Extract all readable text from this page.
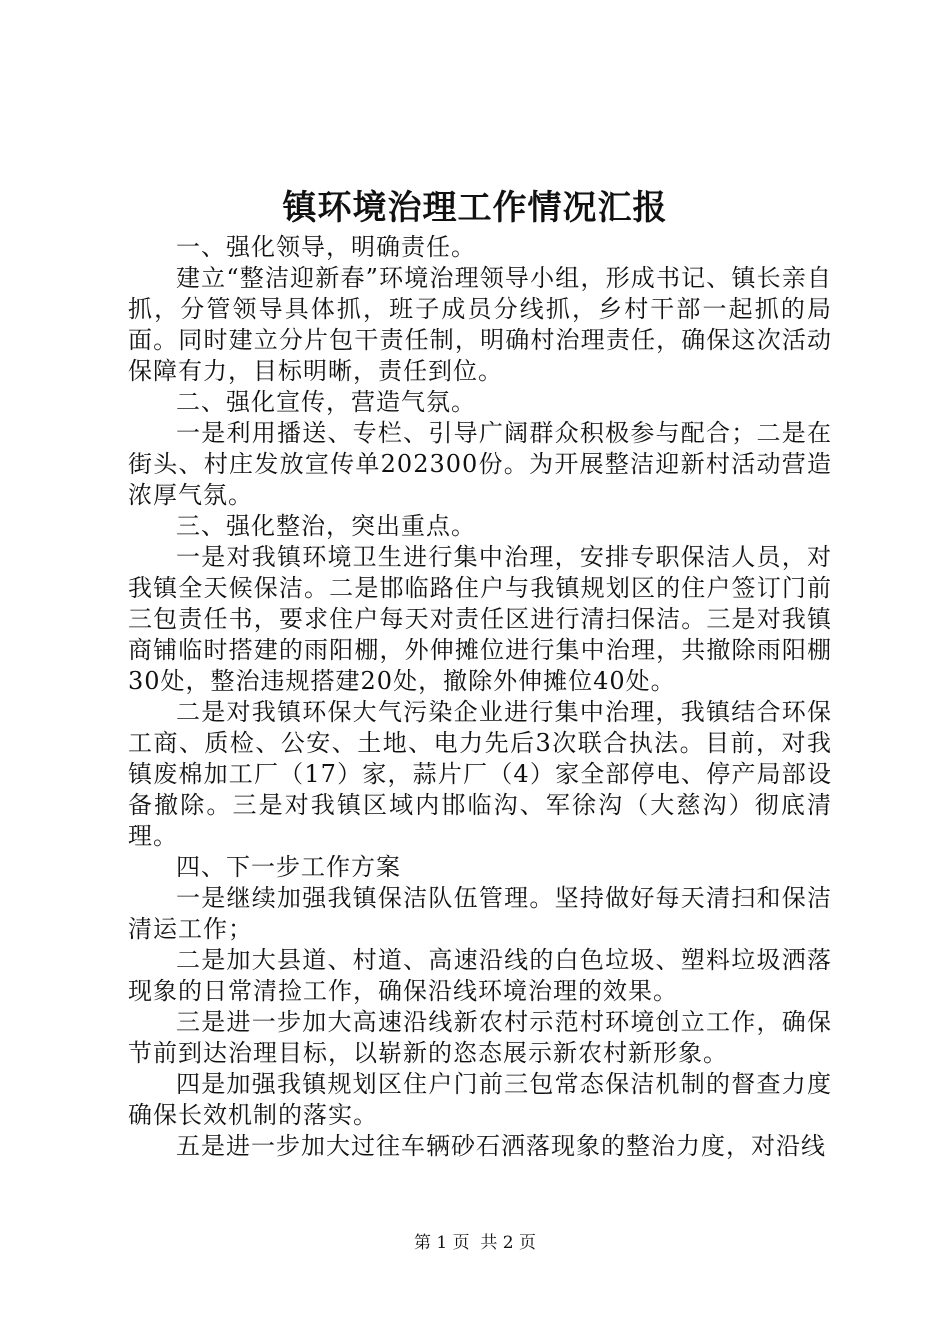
镇环境治理工作情况汇报

一、强化领导，明确责任。

建立“整洁迎新春”环境治理领导小组，形成书记、镇长亲自抓，分管领导具体抓，班子成员分线抓，乡村干部一起抓的局面。同时建立分片包干责任制，明确村治理责任，确保这次活动保障有力，目标明晰，责任到位。

二、强化宣传，营造气氛。

一是利用播送、专栏、引导广阔群众积极参与配合；二是在街头、村庄发放宣传单202300份。为开展整洁迎新村活动营造浓厚气氛。

三、强化整治，突出重点。

一是对我镇环境卫生进行集中治理，安排专职保洁人员，对我镇全天候保洁。二是邯临路住户与我镇规划区的住户签订门前三包责任书，要求住户每天对责任区进行清扫保洁。三是对我镇商铺临时搭建的雨阳棚，外伸摊位进行集中治理，共撤除雨阳棚30处，整治违规搭建20处，撤除外伸摊位40处。

二是对我镇环保大气污染企业进行集中治理，我镇结合环保工商、质检、公安、土地、电力先后3次联合执法。目前，对我镇废棉加工厂（17）家，蒜片厂（4）家全部停电、停产局部设备撤除。三是对我镇区域内邯临沟、军徐沟（大慈沟）彻底清理。

四、下一步工作方案

一是继续加强我镇保洁队伍管理。坚持做好每天清扫和保洁清运工作；

二是加大县道、村道、高速沿线的白色垃圾、塑料垃圾洒落现象的日常清捡工作，确保沿线环境治理的效果。

三是进一步加大高速沿线新农村示范村环境创立工作，确保节前到达治理目标，以崭新的恣态展示新农村新形象。

四是加强我镇规划区住户门前三包常态保洁机制的督查力度确保长效机制的落实。

五是进一步加大过往车辆砂石洒落现象的整治力度，对沿线

第 1 页  共 2 页
